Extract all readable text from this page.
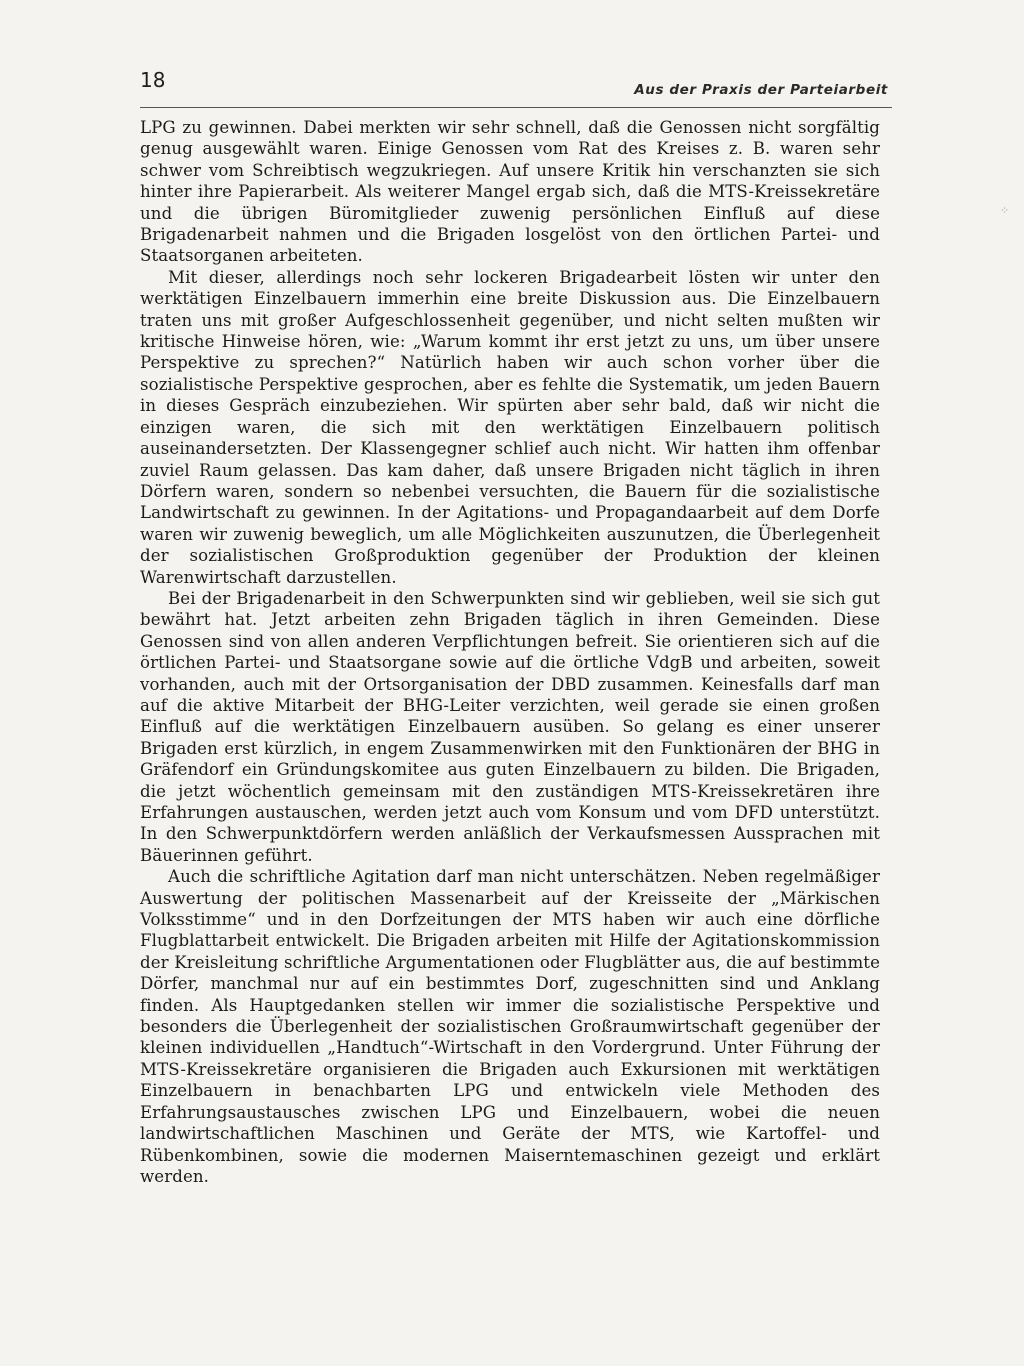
18	Aus der Praxis der Parteiarbeit

LPG zu gewinnen. Dabei merkten wir sehr schnell, daß die Genossen nicht sorgfältig genug ausgewählt waren. Einige Genossen vom Rat des Kreises z. B. waren sehr schwer vom Schreibtisch wegzukriegen. Auf unsere Kritik hin verschanzten sie sich hinter ihre Papierarbeit. Als weiterer Mangel ergab sich, daß die MTS-Kreissekretäre und die übrigen Büromitglieder zuwenig persönlichen Einfluß auf diese Brigadenarbeit nahmen und die Brigaden losgelöst von den örtlichen Partei- und Staatsorganen arbeiteten.

Mit dieser, allerdings noch sehr lockeren Brigadearbeit lösten wir unter den werktätigen Einzelbauern immerhin eine breite Diskussion aus. Die Einzelbauern traten uns mit großer Aufgeschlossenheit gegenüber, und nicht selten mußten wir kritische Hinweise hören, wie: „Warum kommt ihr erst jetzt zu uns, um über unsere Perspektive zu sprechen?“ Natürlich haben wir auch schon vorher über die sozialistische Perspektive gesprochen, aber es fehlte die Systematik, um jeden Bauern in dieses Gespräch einzubeziehen. Wir spürten aber sehr bald, daß wir nicht die einzigen waren, die sich mit den werktätigen Einzelbauern politisch auseinandersetzten. Der Klassengegner schlief auch nicht. Wir hatten ihm offenbar zuviel Raum gelassen. Das kam daher, daß unsere Brigaden nicht täglich in ihren Dörfern waren, sondern so nebenbei versuchten, die Bauern für die sozialistische Landwirtschaft zu gewinnen. In der Agitations- und Propagandaarbeit auf dem Dorfe waren wir zuwenig beweglich, um alle Möglichkeiten auszunutzen, die Überlegenheit der sozialistischen Großproduktion gegenüber der Produktion der kleinen Warenwirtschaft darzustellen.

Bei der Brigadenarbeit in den Schwerpunkten sind wir geblieben, weil sie sich gut bewährt hat. Jetzt arbeiten zehn Brigaden täglich in ihren Gemeinden. Diese Genossen sind von allen anderen Verpflichtungen befreit. Sie orientieren sich auf die örtlichen Partei- und Staatsorgane sowie auf die örtliche VdgB und arbeiten, soweit vorhanden, auch mit der Ortsorganisation der DBD zusammen. Keinesfalls darf man auf die aktive Mitarbeit der BHG-Leiter verzichten, weil gerade sie einen großen Einfluß auf die werktätigen Einzelbauern ausüben. So gelang es einer unserer Brigaden erst kürzlich, in engem Zusammenwirken mit den Funktionären der BHG in Gräfendorf ein Gründungskomitee aus guten Einzelbauern zu bilden. Die Brigaden, die jetzt wöchentlich gemeinsam mit den zuständigen MTS-Kreissekretären ihre Erfahrungen austauschen, werden jetzt auch vom Konsum und vom DFD unterstützt. In den Schwerpunktdörfern werden anläßlich der Verkaufsmessen Aussprachen mit Bäuerinnen geführt.

Auch die schriftliche Agitation darf man nicht unterschätzen. Neben regelmäßiger Auswertung der politischen Massenarbeit auf der Kreisseite der „Märkischen Volksstimme“ und in den Dorfzeitungen der MTS haben wir auch eine dörfliche Flugblattarbeit entwickelt. Die Brigaden arbeiten mit Hilfe der Agitationskommission der Kreisleitung schriftliche Argumentationen oder Flugblätter aus, die auf bestimmte Dörfer, manchmal nur auf ein bestimmtes Dorf, zugeschnitten sind und Anklang finden. Als Hauptgedanken stellen wir immer die sozialistische Perspektive und besonders die Überlegenheit der sozialistischen Großraumwirtschaft gegenüber der kleinen individuellen „Handtuch“-Wirtschaft in den Vordergrund. Unter Führung der MTS-Kreissekretäre organisieren die Brigaden auch Exkursionen mit werktätigen Einzelbauern in benachbarten LPG und entwickeln viele Methoden des Erfahrungsaustausches zwischen LPG und Einzelbauern, wobei die neuen landwirtschaftlichen Maschinen und Geräte der MTS, wie Kartoffel- und Rübenkombinen, sowie die modernen Maiserntemaschinen gezeigt und erklärt werden.

⁘
